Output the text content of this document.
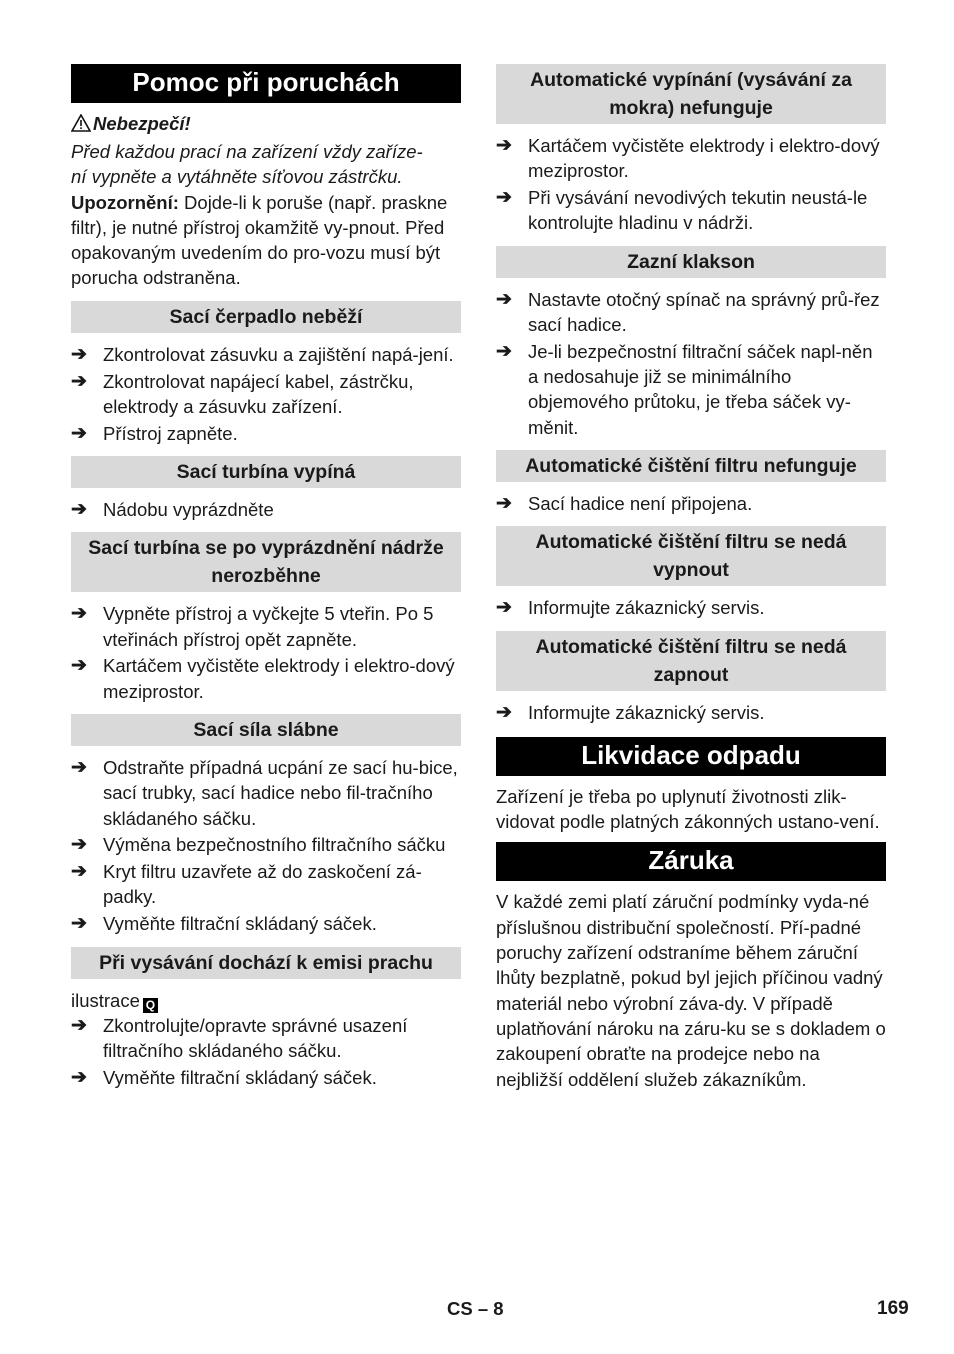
Pomoc při poruchách
Nebezpečí!

Před každou prací na zařízení vždy zaříze-
ní vypněte a vytáhněte síťovou zástrčku.

Upozornění: Dojde-li k poruše (např. praskne filtr), je nutné přístroj okamžitě vy-pnout. Před opakovaným uvedením do pro-vozu musí být porucha odstraněna.

Sací čerpadlo neběží
➔ Zkontrolovat zásuvku a zajištění napá-jení.
➔ Zkontrolovat napájecí kabel, zástrčku, elektrody a zásuvku zařízení.
➔ Přístroj zapněte.
Sací turbína vypíná
➔ Nádobu vyprázdněte
Sací turbína se po vyprázdnění nádrže nerozběhne
➔ Vypněte přístroj a vyčkejte 5 vteřin. Po 5 vteřinách přístroj opět zapněte.
➔ Kartáčem vyčistěte elektrody i elektro-dový meziprostor.
Sací síla slábne
➔ Odstraňte případná ucpání ze sací hu-bice, sací trubky, sací hadice nebo fil-tračního skládaného sáčku.
➔ Výměna bezpečnostního filtračního sáčku
➔ Kryt filtru uzavřete až do zaskočení zá-padky.
➔ Vyměňte filtrační skládaný sáček.
Při vysávání dochází k emisi prachu
ilustrace Q
➔ Zkontrolujte/opravte správné usazení filtračního skládaného sáčku.
➔ Vyměňte filtrační skládaný sáček.
Automatické vypínání (vysávání za mokra) nefunguje
➔ Kartáčem vyčistěte elektrody i elektro-dový meziprostor.
➔ Při vysávání nevodivých tekutin neustá-le kontrolujte hladinu v nádrži.
Zazní klakson
➔ Nastavte otočný spínač na správný prů-řez sací hadice.
➔ Je-li bezpečnostní filtrační sáček napl-něn a nedosahuje již se minimálního objemového průtoku, je třeba sáček vy-měnit.
Automatické čištění filtru nefunguje
➔ Sací hadice není připojena.
Automatické čištění filtru se nedá vypnout
➔ Informujte zákaznický servis.
Automatické čištění filtru se nedá zapnout
➔ Informujte zákaznický servis.
Likvidace odpadu

Zařízení je třeba po uplynutí životnosti zlik-vidovat podle platných zákonných ustano-vení.

Záruka

V každé zemi platí záruční podmínky vyda-né příslušnou distribuční společností. Pří-padné poruchy zařízení odstraníme během záruční lhůty bezplatně, pokud byl jejich příčinou vadný materiál nebo výrobní záva-dy. V případě uplatňování nároku na záru-ku se s dokladem o zakoupení obraťte na prodejce nebo na nejbližší oddělení služeb zákazníkům.

CS – 8	169
